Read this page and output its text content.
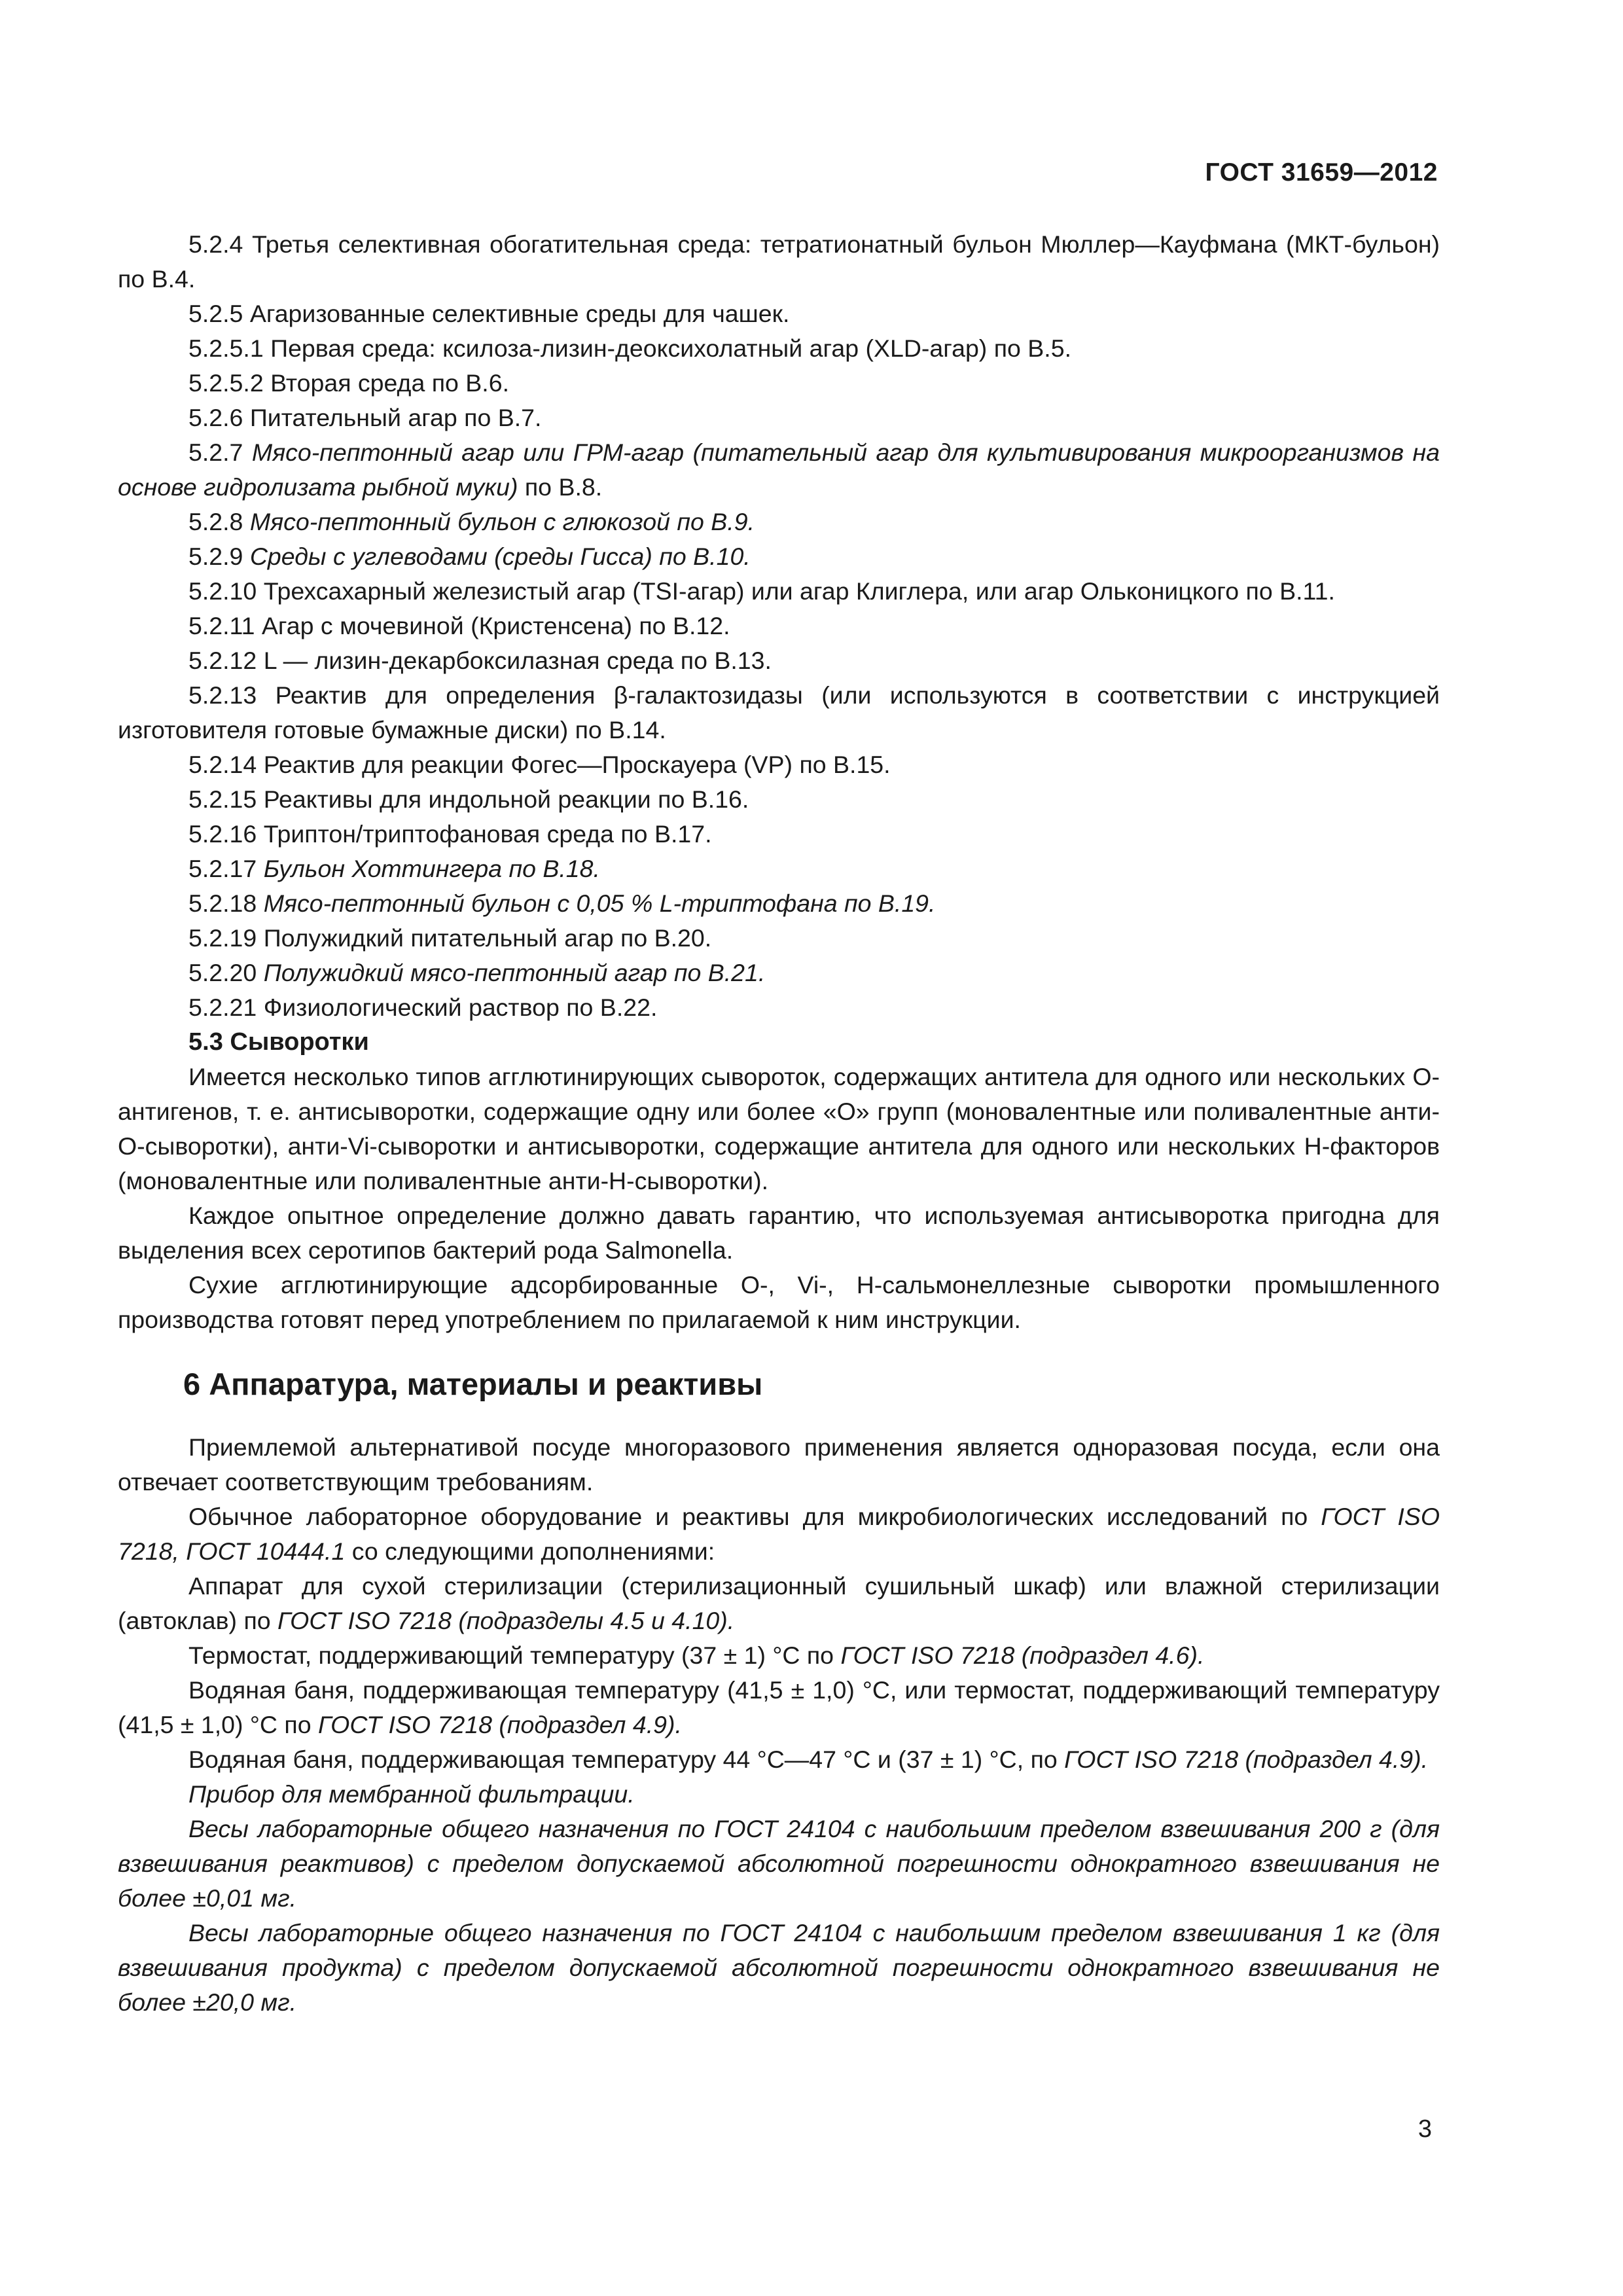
ГОСТ 31659—2012

5.2.4 Третья селективная обогатительная среда: тетратионатный бульон Мюллер—Кауфмана (МКТ-бульон) по В.4.

5.2.5 Агаризованные селективные среды для чашек.

5.2.5.1 Первая среда: ксилоза-лизин-деоксихолатный агар (XLD-агар) по В.5.

5.2.5.2 Вторая среда по В.6.

5.2.6 Питательный агар по В.7.

5.2.7 Мясо-пептонный агар или ГРМ-агар (питательный агар для культивирования микроорганизмов на основе гидролизата рыбной муки) по В.8.

5.2.8 Мясо-пептонный бульон с глюкозой по В.9.

5.2.9 Среды с углеводами (среды Гисса) по В.10.

5.2.10 Трехсахарный железистый агар (TSI-агар) или агар Клиглера, или агар Ольконицкого по В.11.

5.2.11 Агар с мочевиной (Кристенсена) по В.12.

5.2.12 L — лизин-декарбоксилазная среда по В.13.

5.2.13 Реактив для определения β-галактозидазы (или используются в соответствии с инструкцией изготовителя готовые бумажные диски) по В.14.

5.2.14 Реактив для реакции Фогес—Проскауера (VP) по В.15.

5.2.15 Реактивы для индольной реакции по В.16.

5.2.16 Триптон/триптофановая среда по В.17.

5.2.17 Бульон Хоттингера по В.18.

5.2.18 Мясо-пептонный бульон с 0,05 % L-триптофана по В.19.

5.2.19 Полужидкий питательный агар по В.20.

5.2.20 Полужидкий мясо-пептонный агар по В.21.

5.2.21 Физиологический раствор по В.22.

5.3 Сыворотки

Имеется несколько типов агглютинирующих сывороток, содержащих антитела для одного или нескольких О-антигенов, т. е. антисыворотки, содержащие одну или более «О» групп (моновалентные или поливалентные анти-О-сыворотки), анти-Vi-сыворотки и антисыворотки, содержащие антитела для одного или нескольких Н-факторов (моновалентные или поливалентные анти-Н-сыворотки).

Каждое опытное определение должно давать гарантию, что используемая антисыворотка пригодна для выделения всех серотипов бактерий рода Salmonella.

Сухие агглютинирующие адсорбированные О-, Vi-, Н-сальмонеллезные сыворотки промышленного производства готовят перед употреблением по прилагаемой к ним инструкции.

6 Аппаратура, материалы и реактивы

Приемлемой альтернативой посуде многоразового применения является одноразовая посуда, если она отвечает соответствующим требованиям.

Обычное лабораторное оборудование и реактивы для микробиологических исследований по ГОСТ ISO 7218, ГОСТ 10444.1 со следующими дополнениями:

Аппарат для сухой стерилизации (стерилизационный сушильный шкаф) или влажной стерилизации (автоклав) по ГОСТ ISO 7218 (подразделы 4.5 и 4.10).

Термостат, поддерживающий температуру (37 ± 1) °С по ГОСТ ISO 7218 (подраздел 4.6).

Водяная баня, поддерживающая температуру (41,5 ± 1,0) °С, или термостат, поддерживающий температуру (41,5 ± 1,0) °С по ГОСТ ISO 7218 (подраздел 4.9).

Водяная баня, поддерживающая температуру 44 °С—47 °С и (37 ± 1) °С, по ГОСТ ISO 7218 (подраздел 4.9).

Прибор для мембранной фильтрации.

Весы лабораторные общего назначения по ГОСТ 24104 с наибольшим пределом взвешивания 200 г (для взвешивания реактивов) с пределом допускаемой абсолютной погрешности однократного взвешивания не более ±0,01 мг.

Весы лабораторные общего назначения по ГОСТ 24104 с наибольшим пределом взвешивания 1 кг (для взвешивания продукта) с пределом допускаемой абсолютной погрешности однократного взвешивания не более ±20,0 мг.

3
